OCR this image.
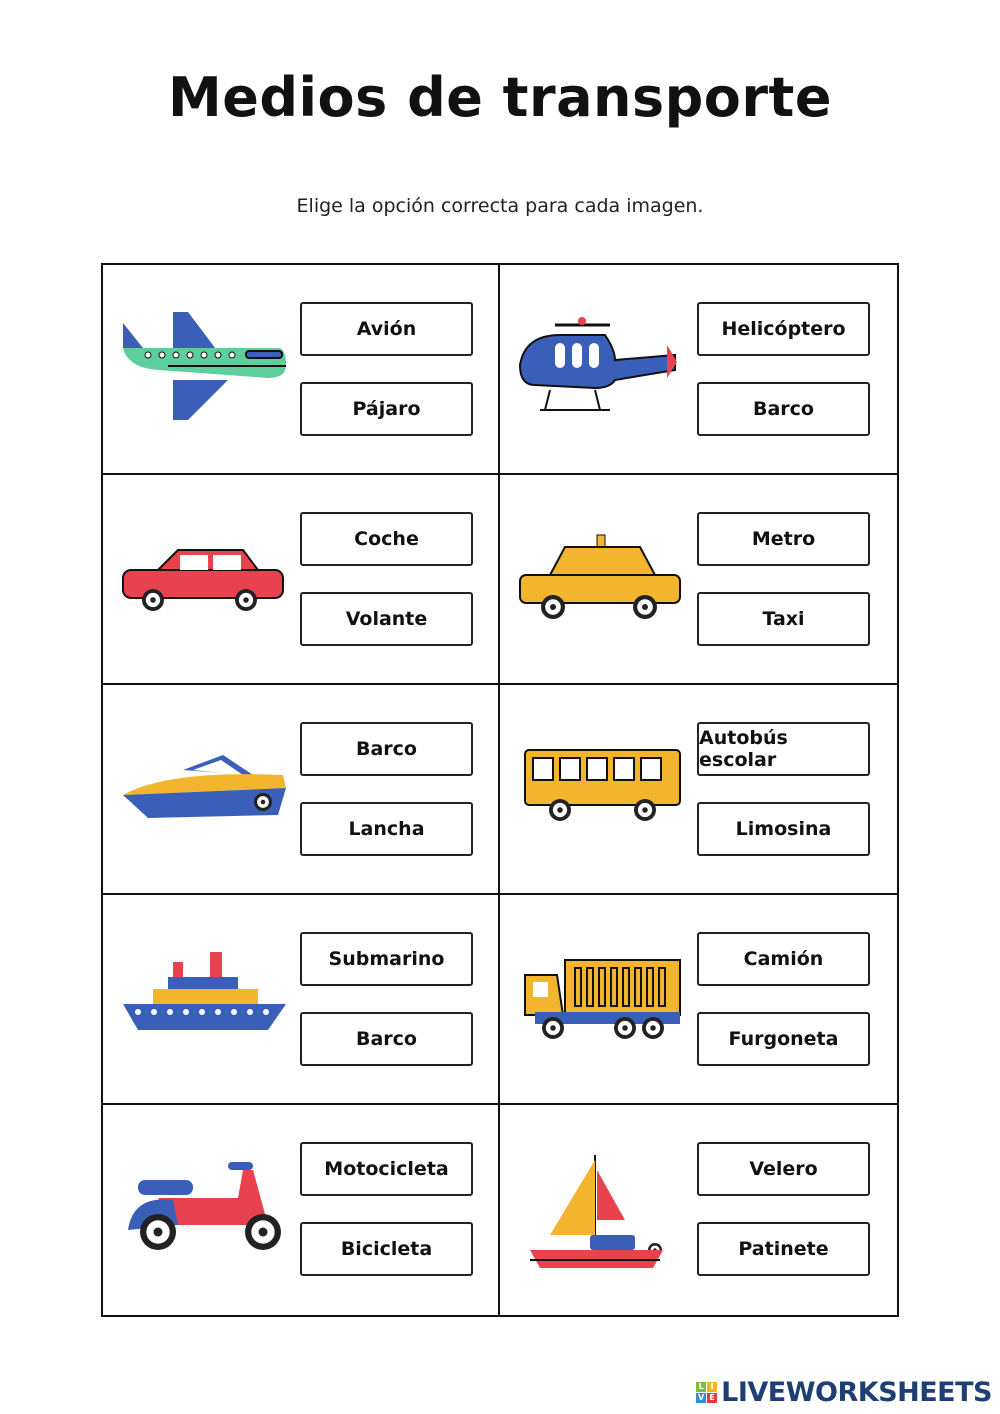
Medios de transporte
Elige la opción correcta para cada imagen.
Avión
Pájaro
Helicóptero
Barco
Coche
Volante
Metro
Taxi
Barco
Lancha
Autobús escolar
Limosina
Submarino
Barco
Camión
Furgoneta
Motocicleta
Bicicleta
Velero
Patinete
L I
V E LIVEWORKSHEETS
